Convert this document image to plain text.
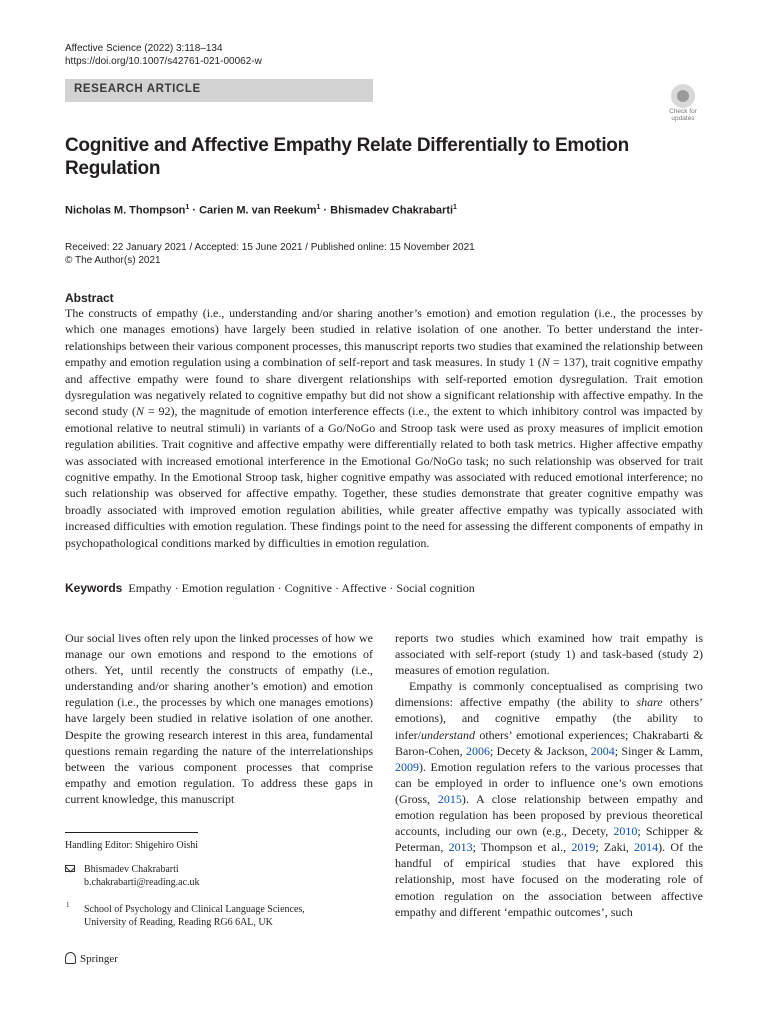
Affective Science (2022) 3:118–134
https://doi.org/10.1007/s42761-021-00062-w
RESEARCH ARTICLE
Check for updates
Cognitive and Affective Empathy Relate Differentially to Emotion Regulation
Nicholas M. Thompson$^1$ · Carien M. van Reekum$^1$ · Bhismadev Chakrabarti$^1$
Received: 22 January 2021 / Accepted: 15 June 2021 / Published online: 15 November 2021
© The Author(s) 2021
Abstract
The constructs of empathy (i.e., understanding and/or sharing another’s emotion) and emotion regulation (i.e., the processes by which one manages emotions) have largely been studied in relative isolation of one another. To better understand the interrelationships between their various component processes, this manuscript reports two studies that examined the relationship between empathy and emotion regulation using a combination of self-report and task measures. In study 1 (N = 137), trait cognitive empathy and affective empathy were found to share divergent relationships with self-reported emotion dysregulation. Trait emotion dysregulation was negatively related to cognitive empathy but did not show a significant relationship with affective empathy. In the second study (N = 92), the magnitude of emotion interference effects (i.e., the extent to which inhibitory control was impacted by emotional relative to neutral stimuli) in variants of a Go/NoGo and Stroop task were used as proxy measures of implicit emotion regulation abilities. Trait cognitive and affective empathy were differentially related to both task metrics. Higher affective empathy was associated with increased emotional interference in the Emotional Go/NoGo task; no such relationship was observed for trait cognitive empathy. In the Emotional Stroop task, higher cognitive empathy was associated with reduced emotional interference; no such relationship was observed for affective empathy. Together, these studies demonstrate that greater cognitive empathy was broadly associated with improved emotion regulation abilities, while greater affective empathy was typically associated with increased difficulties with emotion regulation. These findings point to the need for assessing the different components of empathy in psychopathological conditions marked by difficulties in emotion regulation.
Keywords Empathy · Emotion regulation · Cognitive · Affective · Social cognition
Our social lives often rely upon the linked processes of how we manage our own emotions and respond to the emotions of others. Yet, until recently the constructs of empathy (i.e., understanding and/or sharing another’s emotion) and emotion regulation (i.e., the processes by which one manages emotions) have largely been studied in relative isolation of one another. Despite the growing research interest in this area, fundamental questions remain regarding the nature of the interrelationships between the various component processes that comprise empathy and emotion regulation. To address these gaps in current knowledge, this manuscript

reports two studies which examined how trait empathy is associated with self-report (study 1) and task-based (study 2) measures of emotion regulation.

Empathy is commonly conceptualised as comprising two dimensions: affective empathy (the ability to share others’ emotions), and cognitive empathy (the ability to infer/understand others’ emotional experiences; Chakrabarti & Baron-Cohen, 2006; Decety & Jackson, 2004; Singer & Lamm, 2009). Emotion regulation refers to the various processes that can be employed in order to influence one’s own emotions (Gross, 2015). A close relationship between empathy and emotion regulation has been proposed by previous theoretical accounts, including our own (e.g., Decety, 2010; Schipper & Peterman, 2013; Thompson et al., 2019; Zaki, 2014). Of the handful of empirical studies that have explored this relationship, most have focused on the moderating role of emotion regulation on the association between affective empathy and different ‘empathic outcomes’, such

Handling Editor: Shigehiro Oishi
Bhismadev Chakrabarti
b.chakrabarti@reading.ac.uk
1 School of Psychology and Clinical Language Sciences,
University of Reading, Reading RG6 6AL, UK
Springer
